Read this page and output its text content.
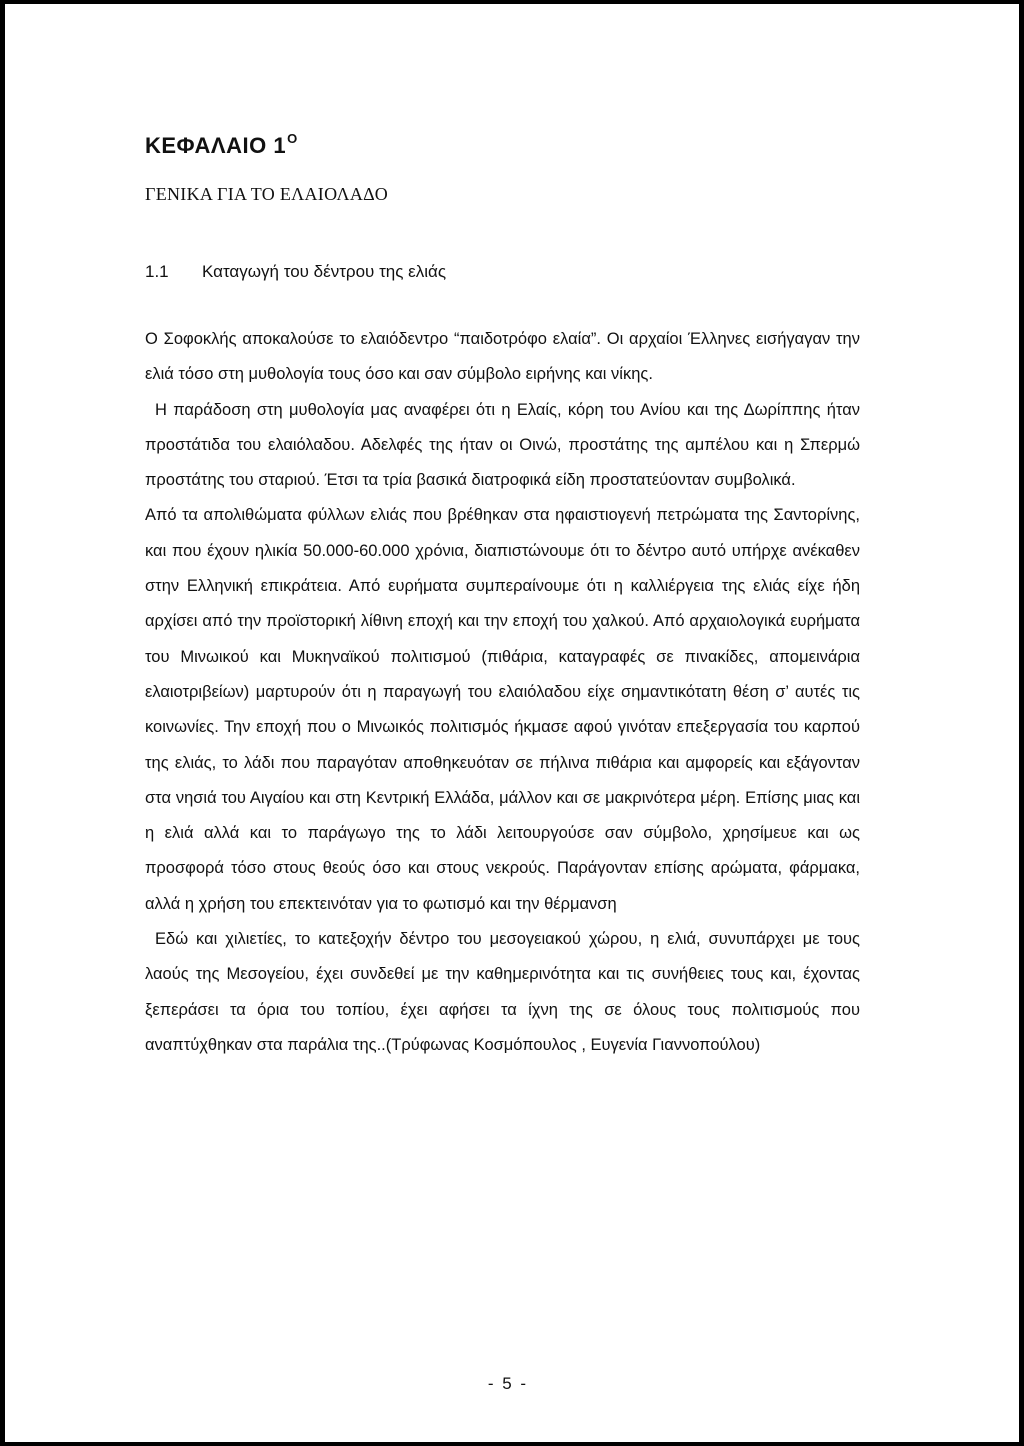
ΚΕΦΑΛΑΙΟ $1^O$
ΓΕΝΙΚΑ ΓΙΑ ΤΟ ΕΛΑΙΟΛΑΔΟ
1.1 Καταγωγή του δέντρου της ελιάς

Ο Σοφοκλής αποκαλούσε το ελαιόδεντρο “παιδοτρόφο ελαία”. Οι αρχαίοι Έλληνες εισήγαγαν την ελιά τόσο στη μυθολογία τους όσο και σαν σύμβολο ειρήνης και νίκης.

Η παράδοση στη μυθολογία μας αναφέρει ότι η Ελαίς, κόρη του Ανίου και της Δωρίππης ήταν προστάτιδα του ελαιόλαδου. Αδελφές της ήταν οι Οινώ, προστάτης της αμπέλου και η Σπερμώ προστάτης του σταριού. Έτσι τα τρία βασικά διατροφικά είδη προστατεύονταν συμβολικά.

Από τα απολιθώματα φύλλων ελιάς που βρέθηκαν στα ηφαιστιογενή πετρώματα της Σαντορίνης, και που έχουν ηλικία 50.000-60.000 χρόνια, διαπιστώνουμε ότι το δέντρο αυτό υπήρχε ανέκαθεν στην Ελληνική επικράτεια. Από ευρήματα συμπεραίνουμε ότι η καλλιέργεια της ελιάς είχε ήδη αρχίσει από την προϊστορική λίθινη εποχή και την εποχή του χαλκού. Από αρχαιολογικά ευρήματα του Μινωικού και Μυκηναϊκού πολιτισμού (πιθάρια, καταγραφές σε πινακίδες, απομεινάρια ελαιοτριβείων) μαρτυρούν ότι η παραγωγή του ελαιόλαδου είχε σημαντικότατη θέση σ’ αυτές τις κοινωνίες. Την εποχή που ο Μινωικός πολιτισμός ήκμασε αφού γινόταν επεξεργασία του καρπού της ελιάς, το λάδι που παραγόταν αποθηκευόταν σε πήλινα πιθάρια και αμφορείς και εξάγονταν στα νησιά του Αιγαίου και στη Κεντρική Ελλάδα, μάλλον και σε μακρινότερα μέρη. Επίσης μιας και η ελιά αλλά και το παράγωγο της το λάδι λειτουργούσε σαν σύμβολο, χρησίμευε και ως προσφορά τόσο στους θεούς όσο και στους νεκρούς. Παράγονταν επίσης αρώματα, φάρμακα, αλλά η χρήση του επεκτεινόταν για το φωτισμό και την θέρμανση

Εδώ και χιλιετίες, το κατεξοχήν δέντρο του μεσογειακού χώρου, η ελιά, συνυπάρχει με τους λαούς της Μεσογείου, έχει συνδεθεί με την καθημερινότητα και τις συνήθειες τους και, έχοντας ξεπεράσει τα όρια του τοπίου, έχει αφήσει τα ίχνη της σε όλους τους πολιτισμούς που αναπτύχθηκαν στα παράλια της..(Τρύφωνας Κοσμόπουλος , Ευγενία Γιαννοπούλου)

- 5 -
